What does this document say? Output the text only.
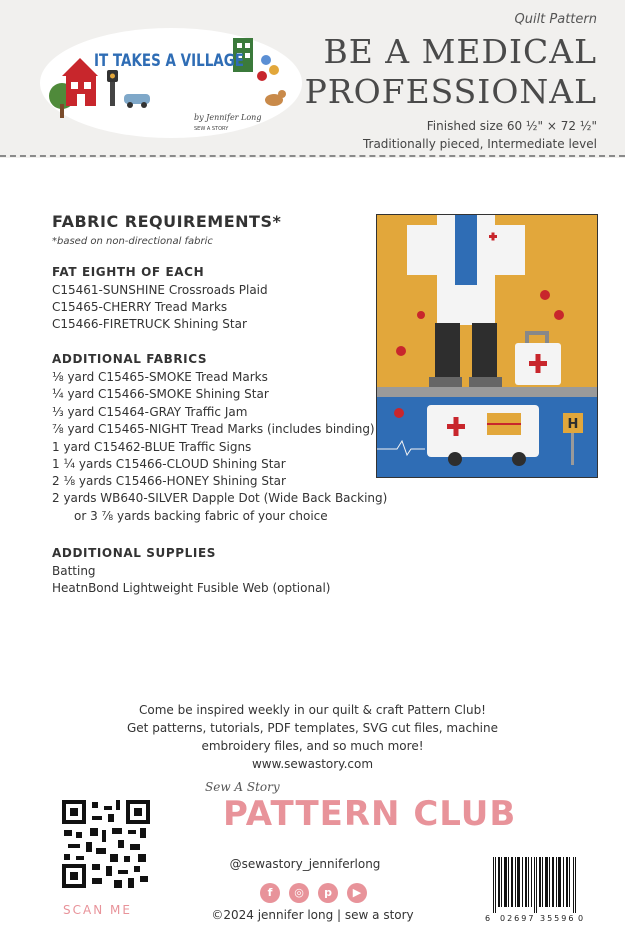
IT TAKES A VILLAGE
by Jennifer Long
SEW A STORY
Quilt Pattern
BE A MEDICAL
PROFESSIONAL
Finished size 60 ½" × 72 ½"
Traditionally pieced, Intermediate level
FABRIC REQUIREMENTS*
*based on non-directional fabric
FAT EIGHTH OF EACH
C15461-SUNSHINE Crossroads Plaid
C15465-CHERRY Tread Marks
C15466-FIRETRUCK Shining Star
ADDITIONAL FABRICS
⅛ yard C15465-SMOKE Tread Marks
¼ yard C15466-SMOKE Shining Star
⅓ yard C15464-GRAY Traffic Jam
⅞ yard C15465-NIGHT Tread Marks (includes binding)
1 yard C15462-BLUE Traffic Signs
1 ¼ yards C15466-CLOUD Shining Star
2 ⅛ yards C15466-HONEY Shining Star
2 yards WB640-SILVER Dapple Dot (Wide Back Backing)
or 3 ⅞ yards backing fabric of your choice
ADDITIONAL SUPPLIES
Batting
HeatnBond Lightweight Fusible Web (optional)
H
Come be inspired weekly in our quilt & craft Pattern Club!
Get patterns, tutorials, PDF templates, SVG cut files, machine
embroidery files, and so much more!
www.sewastory.com
Sew A Story
PATTERN CLUB
SCAN ME
@sewastory_jenniferlong
f	◎	p	▶
©2024 jennifer long | sew a story	6 02697 35596 0
